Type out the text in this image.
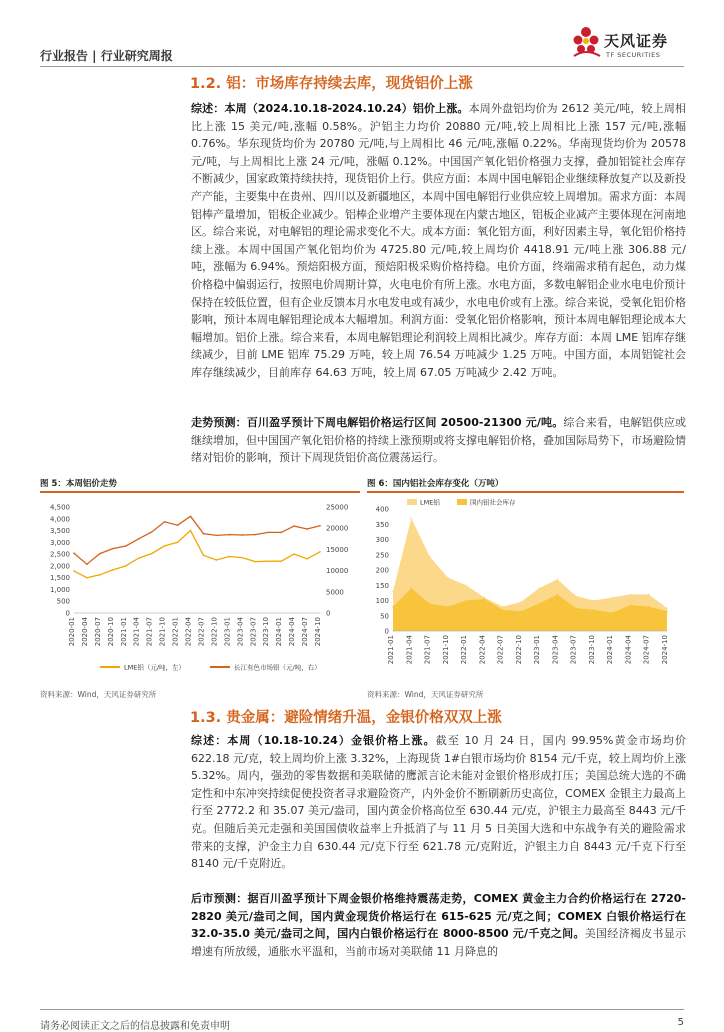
行业报告 | 行业研究周报
天风证券
TF SECURITIES
1.2. 铝：市场库存持续去库，现货铝价上涨
综述：本周（2024.10.18-2024.10.24）铝价上涨。本周外盘铝均价为 2612 美元/吨，较上周相比上涨 15 美元/吨,涨幅 0.58%。沪铝主力均价 20880 元/吨,较上周相比上涨 157 元/吨,涨幅 0.76%。华东现货均价为 20780 元/吨,与上周相比 46 元/吨,涨幅 0.22%。华南现货均价为 20578 元/吨，与上周相比上涨 24 元/吨，涨幅 0.12%。中国国产氧化铝价格强力支撑，叠加铝锭社会库存不断减少，国家政策持续扶持，现货铝价上行。供应方面：本周中国电解铝企业继续释放复产以及新投产产能，主要集中在贵州、四川以及新疆地区，本周中国电解铝行业供应较上周增加。需求方面：本周铝棒产量增加，铝板企业减少。铝棒企业增产主要体现在内蒙古地区，铝板企业减产主要体现在河南地区。综合来说，对电解铝的理论需求变化不大。成本方面：氧化铝方面，利好因素主导，氧化铝价格持续上涨。本周中国国产氧化铝均价为 4725.80 元/吨,较上周均价 4418.91 元/吨上涨 306.88 元/吨，涨幅为 6.94%。预焙阳极方面，预焙阳极采购价格持稳。电价方面，终端需求稍有起色，动力煤价格稳中偏弱运行，按照电价周期计算，火电电价有所上涨。水电方面，多数电解铝企业水电电价预计保持在较低位置，但有企业反馈本月水电发电或有减少，水电电价或有上涨。综合来说，受氧化铝价格影响，预计本周电解铝理论成本大幅增加。利润方面：受氧化铝价格影响，预计本周电解铝理论成本大幅增加。铝价上涨。综合来看，本周电解铝理论利润较上周相比减少。库存方面：本周 LME 铝库存继续减少，目前 LME 铝库 75.29 万吨，较上周 76.54 万吨减少 1.25 万吨。中国方面，本周铝锭社会库存继续减少，目前库存 64.63 万吨，较上周 67.05 万吨减少 2.42 万吨。
走势预测：百川盈孚预计下周电解铝价格运行区间 20500-21300 元/吨。综合来看，电解铝供应或继续增加，但中国国产氧化铝价格的持续上涨预期或将支撑电解铝价格，叠加国际局势下，市场避险情绪对铝价的影响，预计下周现货铝价高位震荡运行。
图 5：本周铝价走势
0
500
1,000
1,500
2,000
2,500
3,000
3,500
4,000
4,500
0
5000
10000
15000
20000
25000
2020-01 2020-04 2020-07 2020-10 2021-01 2021-04 2021-07 2021-10 2022-01 2022-04 2022-07 2022-10 2023-01 2023-04 2023-07 2023-10 2024-01 2024-04 2024-07 2024-10
LME铝（元/吨，左）	长江有色市场铝（元/吨，右）
资料来源：Wind，天风证券研究所
图 6：国内铝社会库存变化（万吨）
0
50
100
150
200
250
300
350
400
2021-01 2021-04 2021-07 2021-10 2022-01 2022-04 2022-07 2022-10 2023-01 2023-04 2023-07 2023-10 2024-01 2024-04 2024-07 2024-10
LME铝	国内铝社会库存
资料来源：Wind，天风证券研究所
1.3. 贵金属：避险情绪升温，金银价格双双上涨
综述：本周（10.18-10.24）金银价格上涨。截至 10 月 24 日，国内 99.95%黄金市场均价 622.18 元/克，较上周均价上涨 3.32%，上海现货 1#白银市场均价 8154 元/千克，较上周均价上涨 5.32%。周内，强劲的零售数据和美联储的鹰派言论未能对金银价格形成打压；美国总统大选的不确定性和中东冲突持续促使投资者寻求避险资产，内外金价不断刷新历史高位，COMEX 金银主力最高上行至 2772.2 和 35.07 美元/盎司，国内黄金价格高位至 630.44 元/克，沪银主力最高至 8443 元/千克。但随后美元走强和美国国债收益率上升抵消了与 11 月 5 日美国大选和中东战争有关的避险需求带来的支撑，沪金主力自 630.44 元/克下行至 621.78 元/克附近，沪银主力自 8443 元/千克下行至 8140 元/千克附近。
后市预测：据百川盈孚预计下周金银价格维持震荡走势，COMEX 黄金主力合约价格运行在 2720-2820 美元/盎司之间，国内黄金现货价格运行在 615-625 元/克之间；COMEX 白银价格运行在 32.0-35.0 美元/盎司之间，国内白银价格运行在 8000-8500 元/千克之间。美国经济褐皮书显示增速有所放缓，通胀水平温和，当前市场对美联储 11 月降息的
请务必阅读正文之后的信息披露和免责申明	5
